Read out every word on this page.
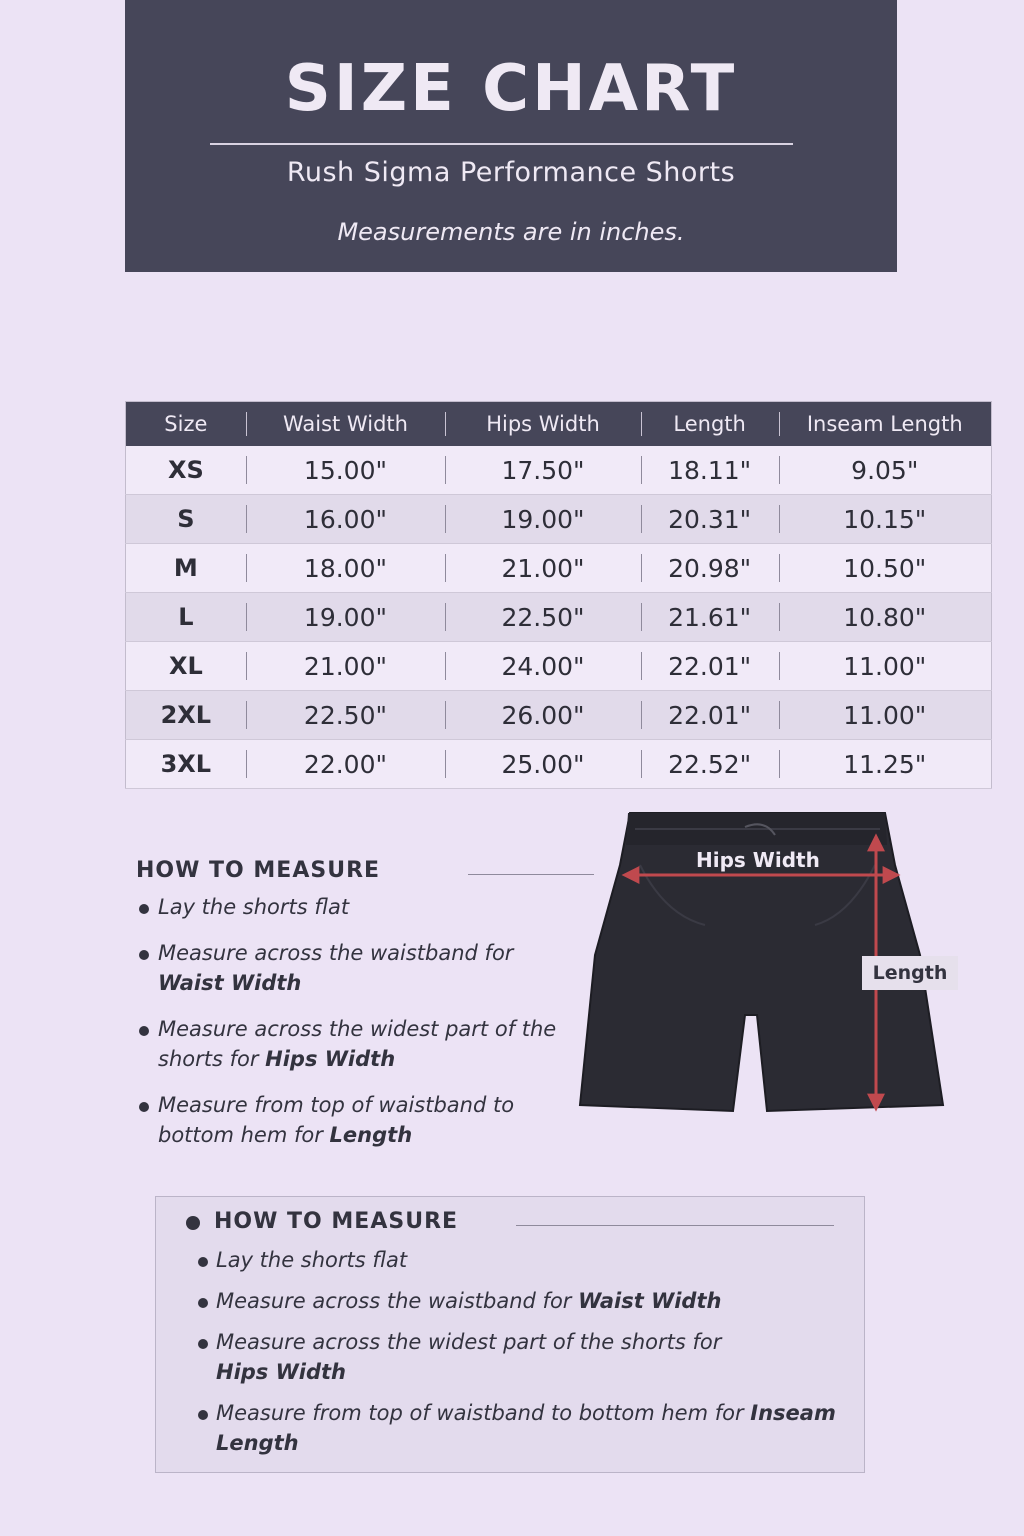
SIZE CHART
Rush Sigma Performance Shorts
Measurements are in inches.
Size	Waist Width	Hips Width	Length	Inseam Length
XS	15.00"	17.50"	18.11"	9.05"
S	16.00"	19.00"	20.31"	10.15"
M	18.00"	21.00"	20.98"	10.50"
L	19.00"	22.50"	21.61"	10.80"
XL	21.00"	24.00"	22.01"	11.00"
2XL	22.50"	26.00"	22.01"	11.00"
3XL	22.00"	25.00"	22.52"	11.25"
HOW TO MEASURE
Lay the shorts flat
Measure across the waistband for Waist Width
Measure across the widest part of the shorts for Hips Width
Measure from top of waistband to bottom hem for Length
Hips Width
Length
HOW TO MEASURE
Lay the shorts flat
Measure across the waistband for Waist Width
Measure across the widest part of the shorts for
Hips Width
Measure from top of waistband to bottom hem for Inseam Length
